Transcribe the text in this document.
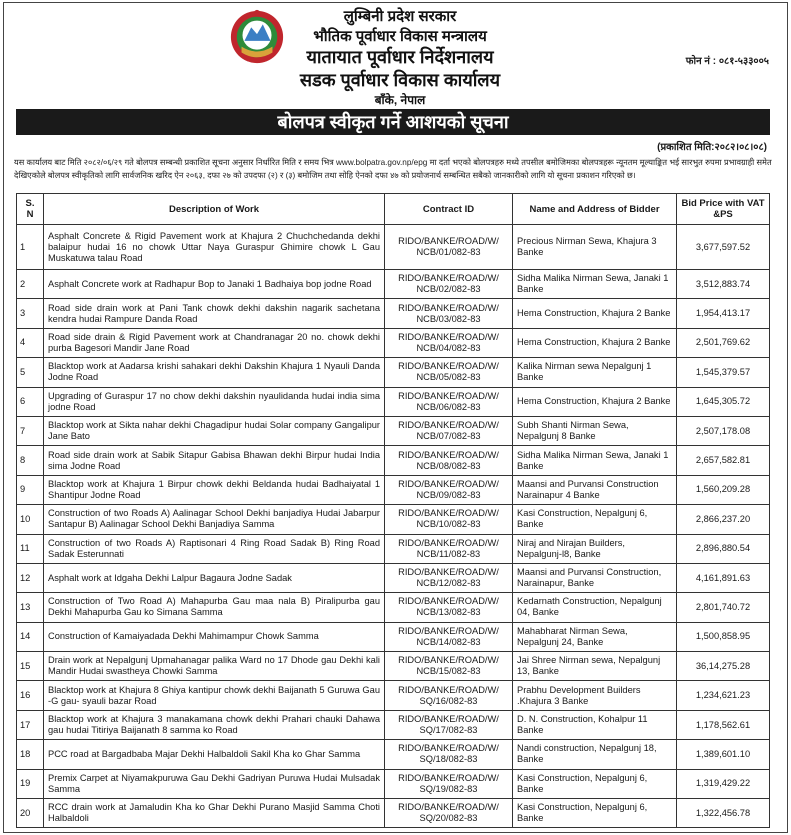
लुम्बिनी प्रदेश सरकार
भौतिक पूर्वाधार विकास मन्त्रालय
यातायात पूर्वाधार निर्देशनालय
सडक पूर्वाधार विकास कार्यालय
बाँके, नेपाल
फोन नं : ०८१-५३३००५
बोलपत्र स्वीकृत गर्ने आशयको सूचना
(प्रकाशित मिति:२०८२।०८।०८)
यस कार्यालय बाट मिति २०८२/०६/२९ गते बोलपत्र सम्बन्धी प्रकाशित सूचना अनुसार निर्धारित मिति र समय भित्र www.bolpatra.gov.np/epg मा दर्ता भएको बोलपत्रहरु मध्ये तपसील बमोजिमका बोलपत्रहरू न्यूनतम मूल्याङ्कित भई सारभुत रुपमा प्रभावग्राही समेत देखिएकोले बोलपत्र स्वीकृतिको लागि सार्वजनिक खरिद ऐन २०६३, दफा २७ को उपदफा (२) र (३) बमोजिम तथा सोहि ऐनको दफा ४७ को प्रयोजनार्थ सम्बन्धित सबैको जानकारीको लागि यो सूचना प्रकाशन गरिएको छ।
S. N	Description of Work	Contract ID	Name and Address of Bidder	Bid Price with VAT &PS
1	Asphalt Concrete & Rigid Pavement work at Khajura 2 Chuchchedanda dekhi balaipur hudai 16 no chowk Uttar Naya Guraspur Ghimire chowk L Gau Muskatuwa talau Road	RIDO/BANKE/ROAD/W/ NCB/01/082-83	Precious Nirman Sewa, Khajura 3 Banke	3,677,597.52
2	Asphalt Concrete work at Radhapur Bop to Janaki 1 Badhaiya bop jodne Road	RIDO/BANKE/ROAD/W/ NCB/02/082-83	Sidha Malika Nirman Sewa, Janaki 1 Banke	3,512,883.74
3	Road side drain work at Pani Tank chowk dekhi dakshin nagarik sachetana kendra hudai Rampure Danda Road	RIDO/BANKE/ROAD/W/ NCB/03/082-83	Hema Construction, Khajura 2 Banke	1,954,413.17
4	Road side drain & Rigid Pavement work at Chandranagar 20 no. chowk dekhi purba Bagesori Mandir Jane Road	RIDO/BANKE/ROAD/W/ NCB/04/082-83	Hema Construction, Khajura 2 Banke	2,501,769.62
5	Blacktop work at Aadarsa krishi sahakari dekhi Dakshin Khajura 1 Nyauli Danda Jodne Road	RIDO/BANKE/ROAD/W/ NCB/05/082-83	Kalika Nirman sewa Nepalgunj 1 Banke	1,545,379.57
6	Upgrading of Guraspur 17 no chow dekhi dakshin nyaulidanda hudai india sima jodne Road	RIDO/BANKE/ROAD/W/ NCB/06/082-83	Hema Construction, Khajura 2 Banke	1,645,305.72
7	Blacktop work at Sikta nahar dekhi Chagadipur hudai Solar company Gangalipur Jane Bato	RIDO/BANKE/ROAD/W/ NCB/07/082-83	Subh Shanti Nirman Sewa, Nepalgunj 8 Banke	2,507,178.08
8	Road side drain work at Sabik Sitapur Gabisa Bhawan dekhi Birpur hudai India sima Jodne Road	RIDO/BANKE/ROAD/W/ NCB/08/082-83	Sidha Malika Nirman Sewa, Janaki 1 Banke	2,657,582.81
9	Blacktop work at Khajura 1 Birpur chowk dekhi Beldanda hudai Badhaiyatal 1 Shantipur Jodne Road	RIDO/BANKE/ROAD/W/ NCB/09/082-83	Maansi and Purvansi Construction Narainapur 4 Banke	1,560,209.28
10	Construction of two Roads A) Aalinagar School Dekhi banjadiya Hudai Jabarpur Santapur B) Aalinagar School Dekhi Banjadiya Samma	RIDO/BANKE/ROAD/W/ NCB/10/082-83	Kasi Construction, Nepalgunj 6, Banke	2,866,237.20
11	Construction of two Roads A) Raptisonari 4 Ring Road Sadak B) Ring Road Sadak Esterunnati	RIDO/BANKE/ROAD/W/ NCB/11/082-83	Niraj and Nirajan Builders, Nepalgunj-l8, Banke	2,896,880.54
12	Asphalt work at Idgaha Dekhi Lalpur Bagaura Jodne Sadak	RIDO/BANKE/ROAD/W/ NCB/12/082-83	Maansi and Purvansi Construction, Narainapur, Banke	4,161,891.63
13	Construction of Two Road A) Mahapurba Gau maa nala B) Piralipurba gau Dekhi Mahapurba Gau ko Simana Samma	RIDO/BANKE/ROAD/W/ NCB/13/082-83	Kedarnath Construction, Nepalgunj 04, Banke	2,801,740.72
14	Construction of Kamaiyadada Dekhi Mahimampur Chowk Samma	RIDO/BANKE/ROAD/W/ NCB/14/082-83	Mahabharat Nirman Sewa, Nepalgunj 24, Banke	1,500,858.95
15	Drain work at Nepalgunj Upmahanagar palika Ward no 17 Dhode gau Dekhi kali Mandir Hudai swastheya Chowki Samma	RIDO/BANKE/ROAD/W/ NCB/15/082-83	Jai Shree Nirman sewa, Nepalgunj 13, Banke	36,14,275.28
16	Blacktop work at Khajura 8 Ghiya kantipur chowk dekhi Baijanath 5 Guruwa Gau -G gau- syauli bazar Road	RIDO/BANKE/ROAD/W/ SQ/16/082-83	Prabhu Development Builders .Khajura 3 Banke	1,234,621.23
17	Blacktop work at Khajura 3 manakamana chowk dekhi Prahari chauki Dahawa gau hudai Titiriya Baijanath 8 samma ko Road	RIDO/BANKE/ROAD/W/ SQ/17/082-83	D. N. Construction, Kohalpur 11 Banke	1,178,562.61
18	PCC road at Bargadbaba Majar Dekhi Halbaldoli Sakil Kha ko Ghar Samma	RIDO/BANKE/ROAD/W/ SQ/18/082-83	Nandi construction, Nepalgunj 18, Banke	1,389,601.10
19	Premix Carpet at Niyamakpuruwa Gau Dekhi Gadriyan Puruwa Hudai Mulsadak Samma	RIDO/BANKE/ROAD/W/ SQ/19/082-83	Kasi Construction, Nepalgunj 6, Banke	1,319,429.22
20	RCC drain work at Jamaludin Kha ko Ghar Dekhi Purano Masjid Samma Choti Halbaldoli	RIDO/BANKE/ROAD/W/ SQ/20/082-83	Kasi Construction, Nepalgunj 6, Banke	1,322,456.78
